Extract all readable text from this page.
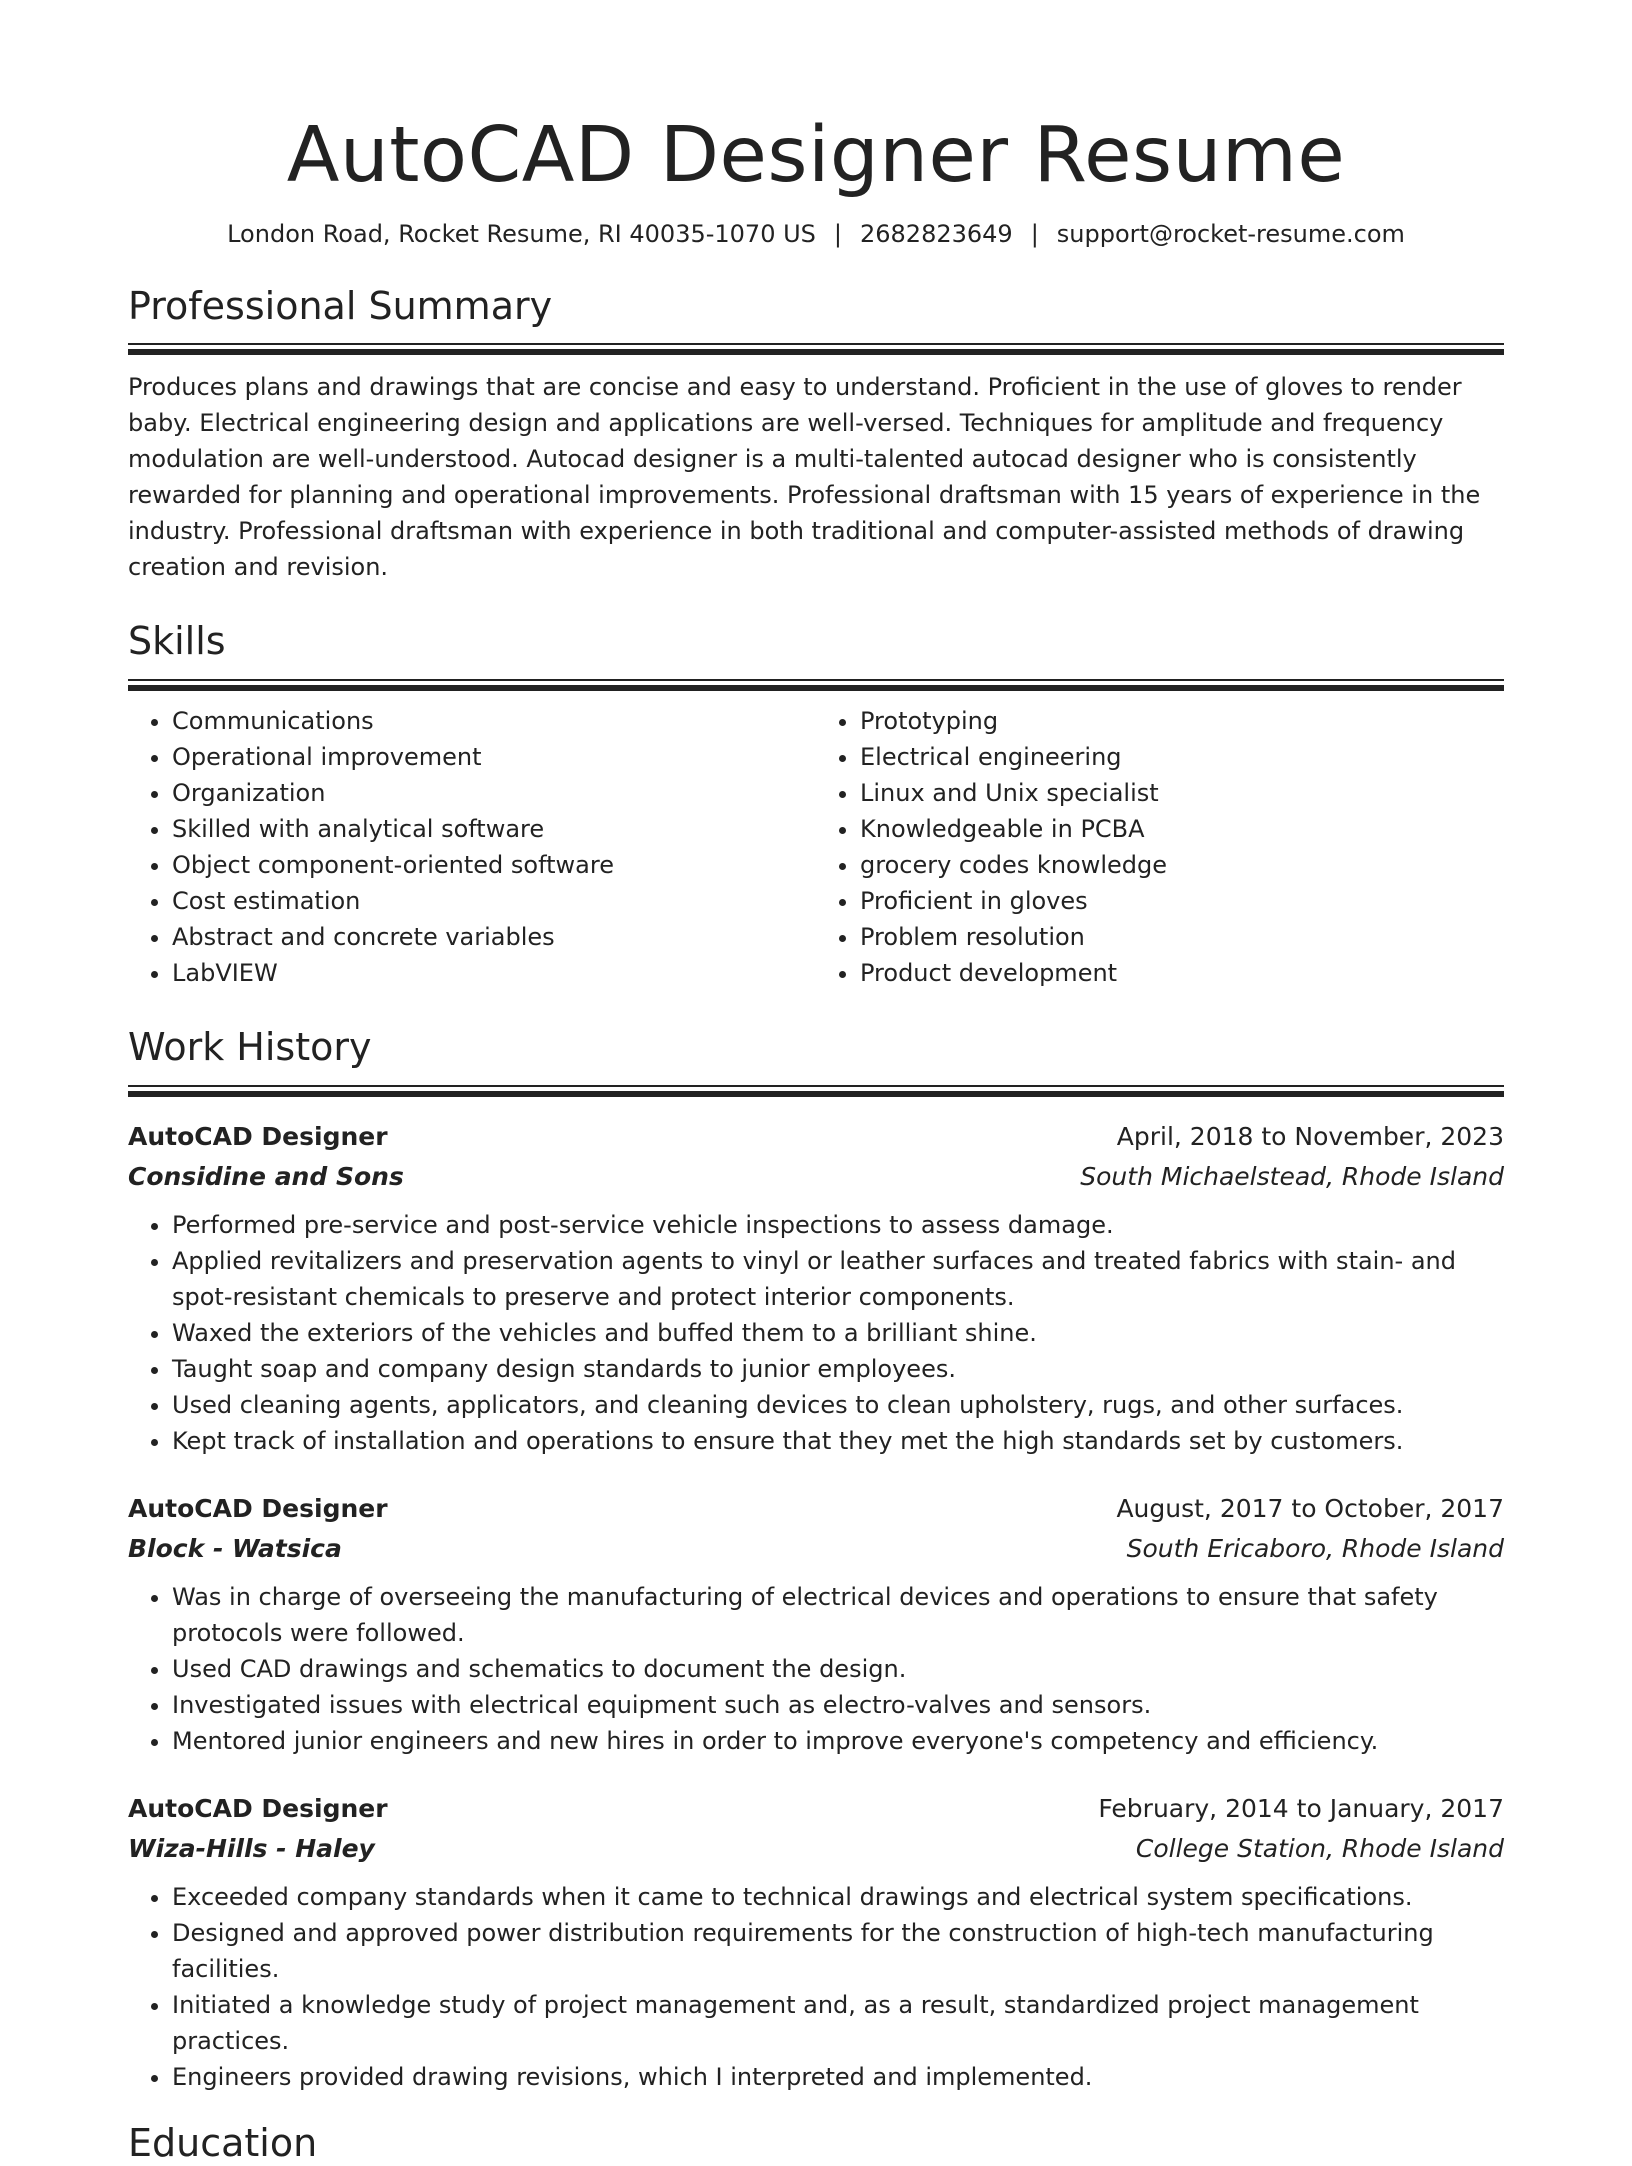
AutoCAD Designer Resume
London Road, Rocket Resume, RI 40035-1070 US | 2682823649 | support@rocket-resume.com
Professional Summary

Produces plans and drawings that are concise and easy to understand. Proficient in the use of gloves to render baby. Electrical engineering design and applications are well-versed. Techniques for amplitude and frequency modulation are well-understood. Autocad designer is a multi-talented autocad designer who is consistently rewarded for planning and operational improvements. Professional draftsman with 15 years of experience in the industry. Professional draftsman with experience in both traditional and computer-assisted methods of drawing creation and revision.

Skills
• Communications
• Operational improvement
• Organization
• Skilled with analytical software
• Object component-oriented software
• Cost estimation
• Abstract and concrete variables
• LabVIEW
• Prototyping
• Electrical engineering
• Linux and Unix specialist
• Knowledgeable in PCBA
• grocery codes knowledge
• Proficient in gloves
• Problem resolution
• Product development
Work History
AutoCAD Designer	April, 2018 to November, 2023
Considine and Sons	South Michaelstead, Rhode Island
• Performed pre-service and post-service vehicle inspections to assess damage.
• Applied revitalizers and preservation agents to vinyl or leather surfaces and treated fabrics with stain- and spot-resistant chemicals to preserve and protect interior components.
• Waxed the exteriors of the vehicles and buffed them to a brilliant shine.
• Taught soap and company design standards to junior employees.
• Used cleaning agents, applicators, and cleaning devices to clean upholstery, rugs, and other surfaces.
• Kept track of installation and operations to ensure that they met the high standards set by customers.
AutoCAD Designer	August, 2017 to October, 2017
Block - Watsica	South Ericaboro, Rhode Island
• Was in charge of overseeing the manufacturing of electrical devices and operations to ensure that safety protocols were followed.
• Used CAD drawings and schematics to document the design.
• Investigated issues with electrical equipment such as electro-valves and sensors.
• Mentored junior engineers and new hires in order to improve everyone's competency and efficiency.
AutoCAD Designer	February, 2014 to January, 2017
Wiza-Hills - Haley	College Station, Rhode Island
• Exceeded company standards when it came to technical drawings and electrical system specifications.
• Designed and approved power distribution requirements for the construction of high-tech manufacturing facilities.
• Initiated a knowledge study of project management and, as a result, standardized project management practices.
• Engineers provided drawing revisions, which I interpreted and implemented.
Education
